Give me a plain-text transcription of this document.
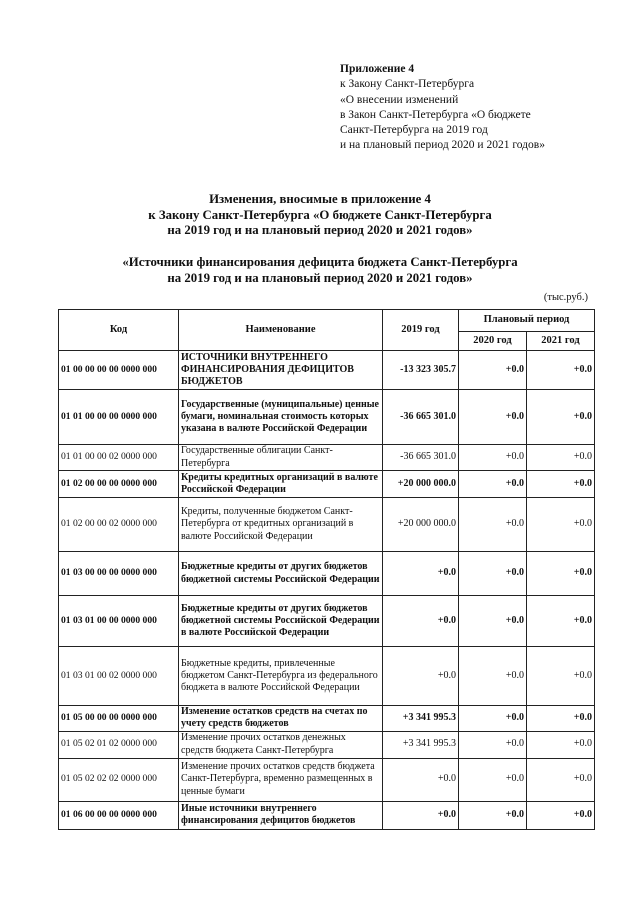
Приложение 4
к Закону Санкт-Петербурга
«О внесении изменений
в Закон Санкт-Петербурга «О бюджете
Санкт-Петербурга на 2019 год
и на плановый период 2020 и 2021 годов»
Изменения, вносимые в приложение 4
к Закону Санкт-Петербурга «О бюджете Санкт-Петербурга
на 2019 год и на плановый период 2020 и 2021 годов»
«Источники финансирования дефицита бюджета Санкт-Петербурга
на 2019 год и на плановый период 2020 и 2021 годов»
(тыс.руб.)
Код	Наименование	2019 год	Плановый период	
			2020 год	2021 год
01 00 00 00 00 0000 000	ИСТОЧНИКИ ВНУТРЕННЕГО ФИНАНСИРОВАНИЯ ДЕФИЦИТОВ БЮДЖЕТОВ	-13 323 305.7	+0.0	+0.0
01 01 00 00 00 0000 000	Государственные (муниципальные) ценные бумаги, номинальная стоимость которых указана в валюте Российской Федерации	-36 665 301.0	+0.0	+0.0
01 01 00 00 02 0000 000	Государственные облигации Санкт-Петербурга	-36 665 301.0	+0.0	+0.0
01 02 00 00 00 0000 000	Кредиты кредитных организаций в валюте Российской Федерации	+20 000 000.0	+0.0	+0.0
01 02 00 00 02 0000 000	Кредиты, полученные бюджетом Санкт-Петербурга от кредитных организаций в валюте Российской Федерации	+20 000 000.0	+0.0	+0.0
01 03 00 00 00 0000 000	Бюджетные кредиты от других бюджетов бюджетной системы Российской Федерации	+0.0	+0.0	+0.0
01 03 01 00 00 0000 000	Бюджетные кредиты от других бюджетов бюджетной системы Российской Федерации в валюте Российской Федерации	+0.0	+0.0	+0.0
01 03 01 00 02 0000 000	Бюджетные кредиты, привлеченные бюджетом Санкт-Петербурга из федерального бюджета в валюте Российской Федерации	+0.0	+0.0	+0.0
01 05 00 00 00 0000 000	Изменение остатков средств на счетах по учету средств бюджетов	+3 341 995.3	+0.0	+0.0
01 05 02 01 02 0000 000	Изменение прочих остатков денежных средств бюджета Санкт-Петербурга	+3 341 995.3	+0.0	+0.0
01 05 02 02 02 0000 000	Изменение прочих остатков средств бюджета Санкт-Петербурга, временно размещенных в ценные бумаги	+0.0	+0.0	+0.0
01 06 00 00 00 0000 000	Иные источники внутреннего финансирования дефицитов бюджетов	+0.0	+0.0	+0.0
